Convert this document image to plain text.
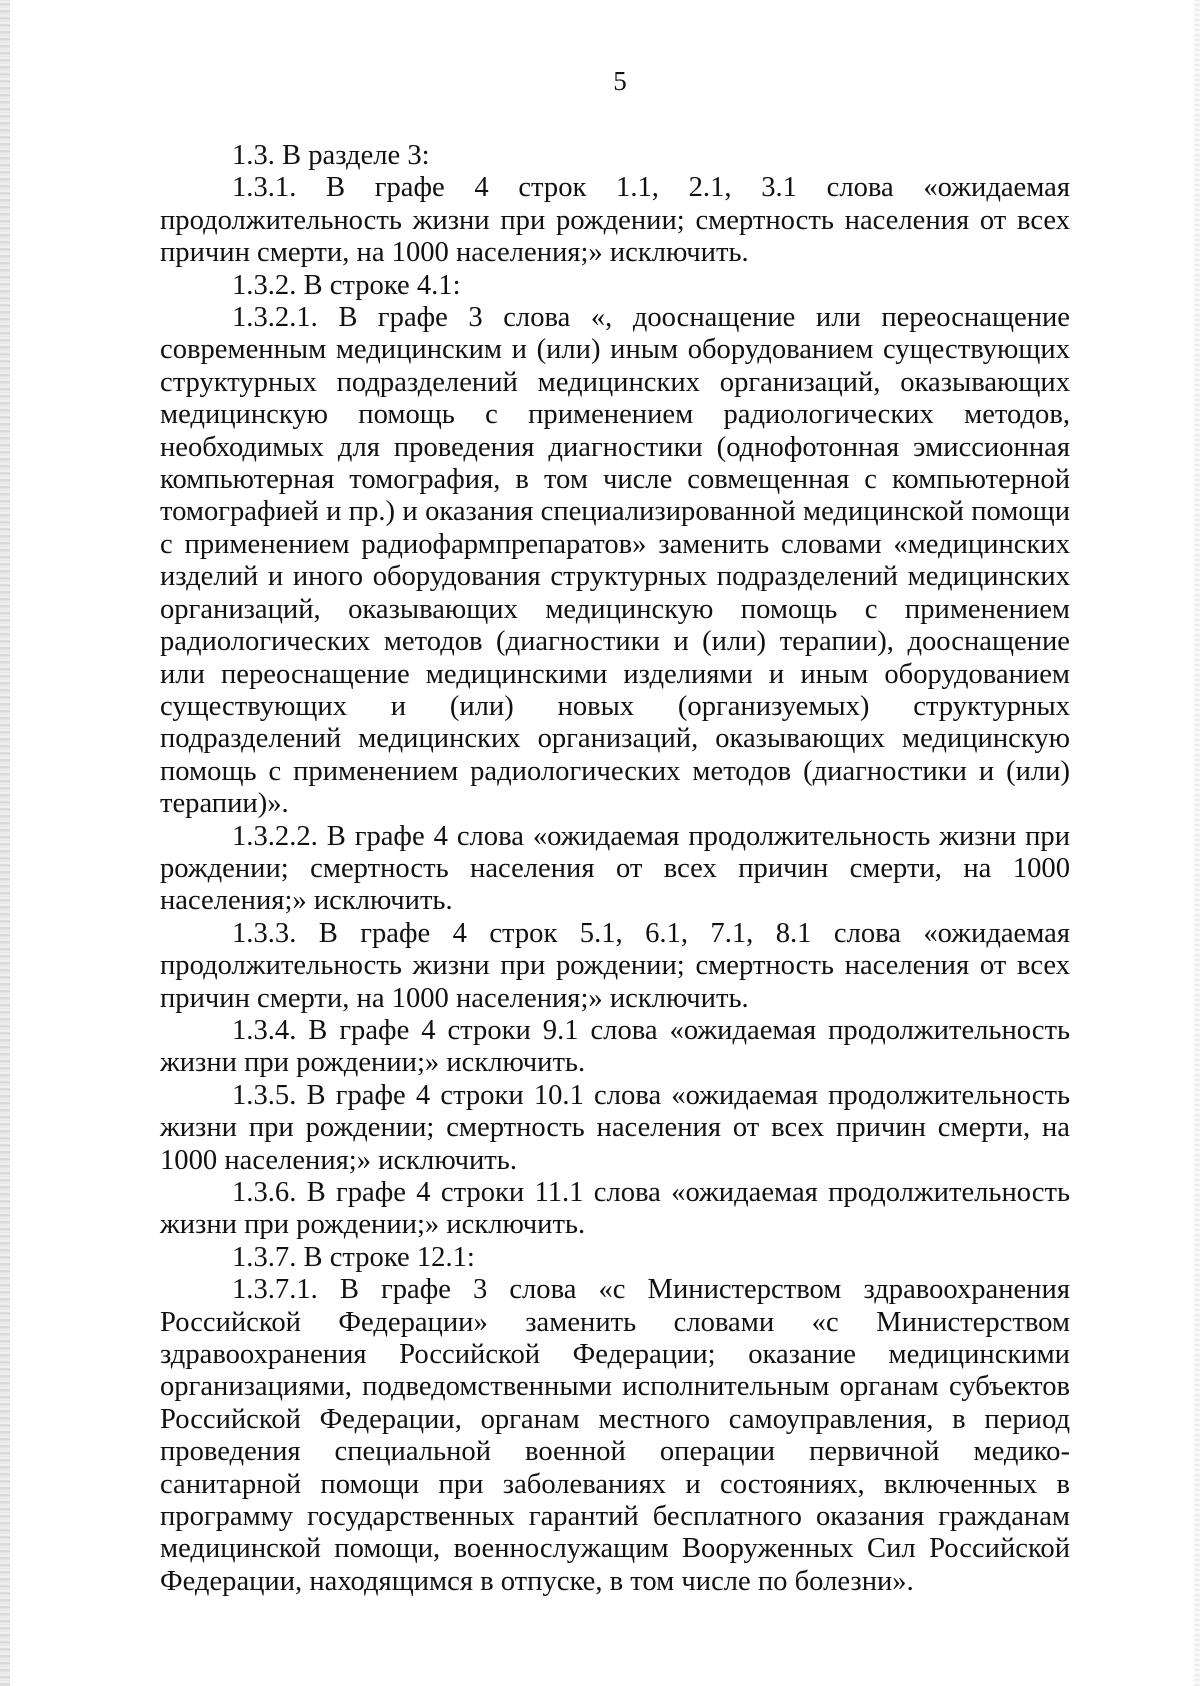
5

1.3. В разделе 3:

1.3.1. В графе 4 строк 1.1, 2.1, 3.1 слова «ожидаемая продолжительность жизни при рождении; смертность населения от всех причин смерти, на 1000 населения;» исключить.

1.3.2. В строке 4.1:

1.3.2.1. В графе 3 слова «, дооснащение или переоснащение современным медицинским и (или) иным оборудованием существующих структурных подразделений медицинских организаций, оказывающих медицинскую помощь с применением радиологических методов, необходимых для проведения диагностики (однофотонная эмиссионная компьютерная томография, в том числе совмещенная с компьютерной томографией и пр.) и оказания специализированной медицинской помощи с применением радиофармпрепаратов» заменить словами «медицинских изделий и иного оборудования структурных подразделений медицинских организаций, оказывающих медицинскую помощь с применением радиологических методов (диагностики и (или) терапии), дооснащение или переоснащение медицинскими изделиями и иным оборудованием существующих и (или) новых (организуемых) структурных подразделений медицинских организаций, оказывающих медицинскую помощь с применением радиологических методов (диагностики и (или) терапии)».

1.3.2.2. В графе 4 слова «ожидаемая продолжительность жизни при рождении; смертность населения от всех причин смерти, на 1000 населения;» исключить.

1.3.3. В графе 4 строк 5.1, 6.1, 7.1, 8.1 слова «ожидаемая продолжительность жизни при рождении; смертность населения от всех причин смерти, на 1000 населения;» исключить.

1.3.4. В графе 4 строки 9.1 слова «ожидаемая продолжительность жизни при рождении;» исключить.

1.3.5. В графе 4 строки 10.1 слова «ожидаемая продолжительность жизни при рождении; смертность населения от всех причин смерти, на 1000 населения;» исключить.

1.3.6. В графе 4 строки 11.1 слова «ожидаемая продолжительность жизни при рождении;» исключить.

1.3.7. В строке 12.1:

1.3.7.1. В графе 3 слова «с Министерством здравоохранения Российской Федерации» заменить словами «с Министерством здравоохранения Российской Федерации; оказание медицинскими организациями, подведомственными исполнительным органам субъектов Российской Федерации, органам местного самоуправления, в период проведения специальной военной операции первичной медико-санитарной помощи при заболеваниях и состояниях, включенных в программу государственных гарантий бесплатного оказания гражданам медицинской помощи, военнослужащим Вооруженных Сил Российской Федерации, находящимся в отпуске, в том числе по болезни».
